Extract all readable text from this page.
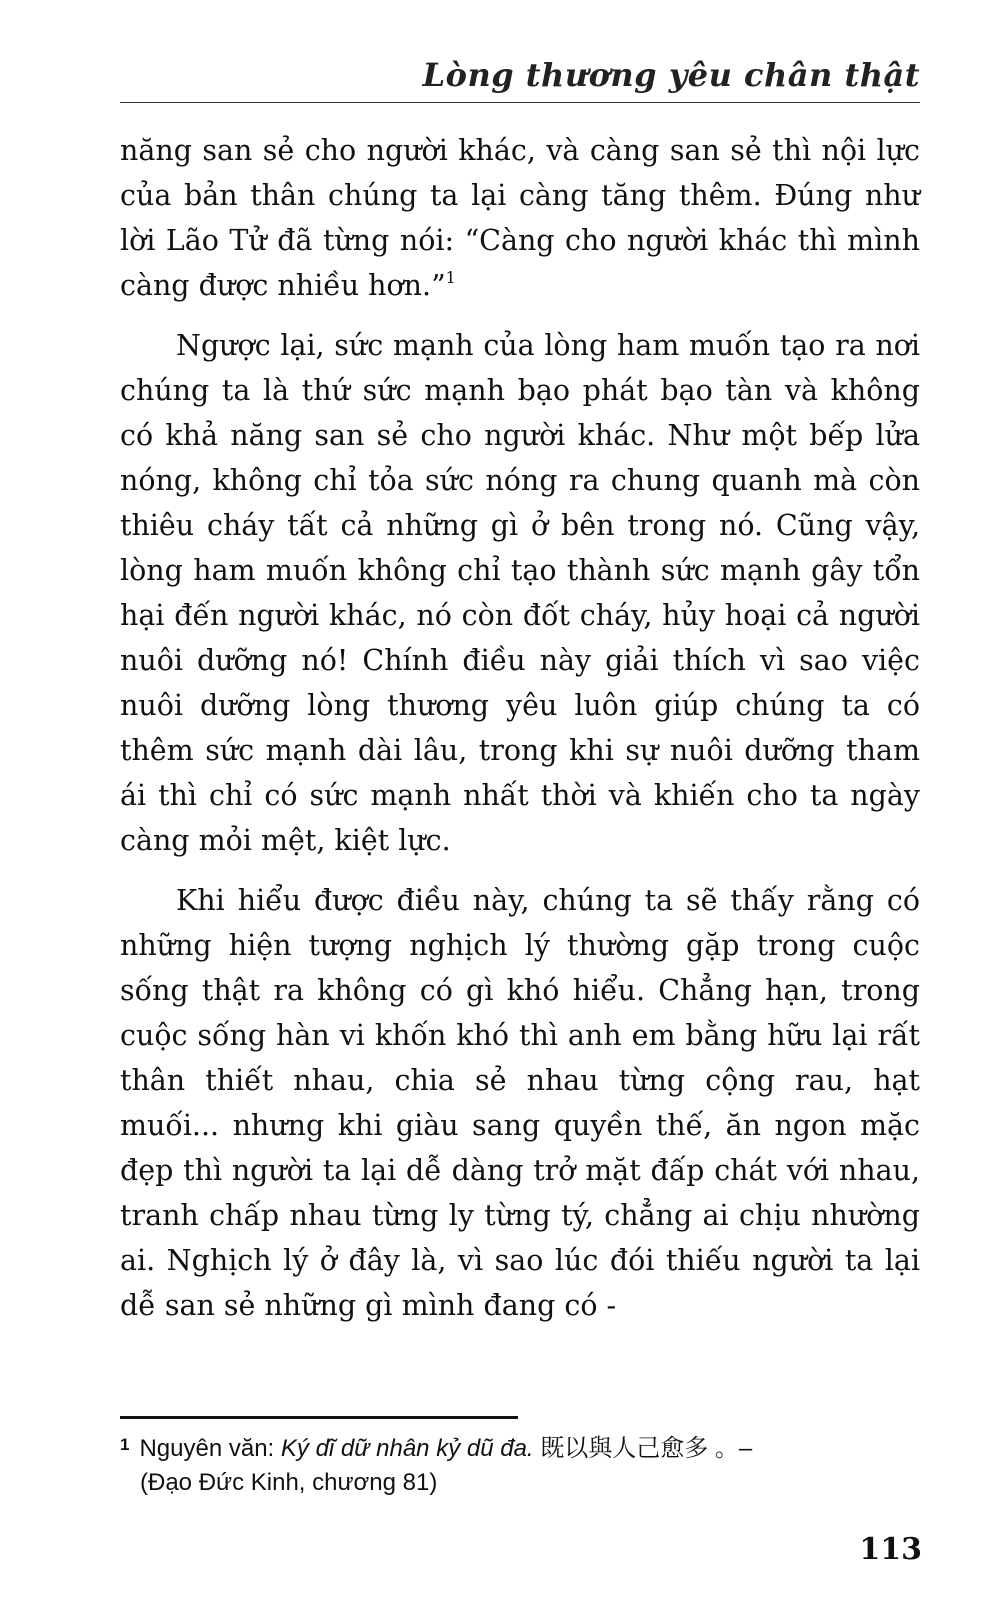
Lòng thương yêu chân thật

năng san sẻ cho người khác, và càng san sẻ thì nội lực của bản thân chúng ta lại càng tăng thêm. Đúng như lời Lão Tử đã từng nói: “Càng cho người khác thì mình càng được nhiều hơn.”$^1$

Ngược lại, sức mạnh của lòng ham muốn tạo ra nơi chúng ta là thứ sức mạnh bạo phát bạo tàn và không có khả năng san sẻ cho người khác. Như một bếp lửa nóng, không chỉ tỏa sức nóng ra chung quanh mà còn thiêu cháy tất cả những gì ở bên trong nó. Cũng vậy, lòng ham muốn không chỉ tạo thành sức mạnh gây tổn hại đến người khác, nó còn đốt cháy, hủy hoại cả người nuôi dưỡng nó! Chính điều này giải thích vì sao việc nuôi dưỡng lòng thương yêu luôn giúp chúng ta có thêm sức mạnh dài lâu, trong khi sự nuôi dưỡng tham ái thì chỉ có sức mạnh nhất thời và khiến cho ta ngày càng mỏi mệt, kiệt lực.

Khi hiểu được điều này, chúng ta sẽ thấy rằng có những hiện tượng nghịch lý thường gặp trong cuộc sống thật ra không có gì khó hiểu. Chẳng hạn, trong cuộc sống hàn vi khốn khó thì anh em bằng hữu lại rất thân thiết nhau, chia sẻ nhau từng cộng rau, hạt muối... nhưng khi giàu sang quyền thế, ăn ngon mặc đẹp thì người ta lại dễ dàng trở mặt đấp chát với nhau, tranh chấp nhau từng ly từng tý, chẳng ai chịu nhường ai. Nghịch lý ở đây là, vì sao lúc đói thiếu người ta lại dễ san sẻ những gì mình đang có -

$^1$ Nguyên văn: Ký dĩ dữ nhân kỷ dũ đa. 既以與人己愈多 。–
(Đạo Đức Kinh, chương 81)
113
